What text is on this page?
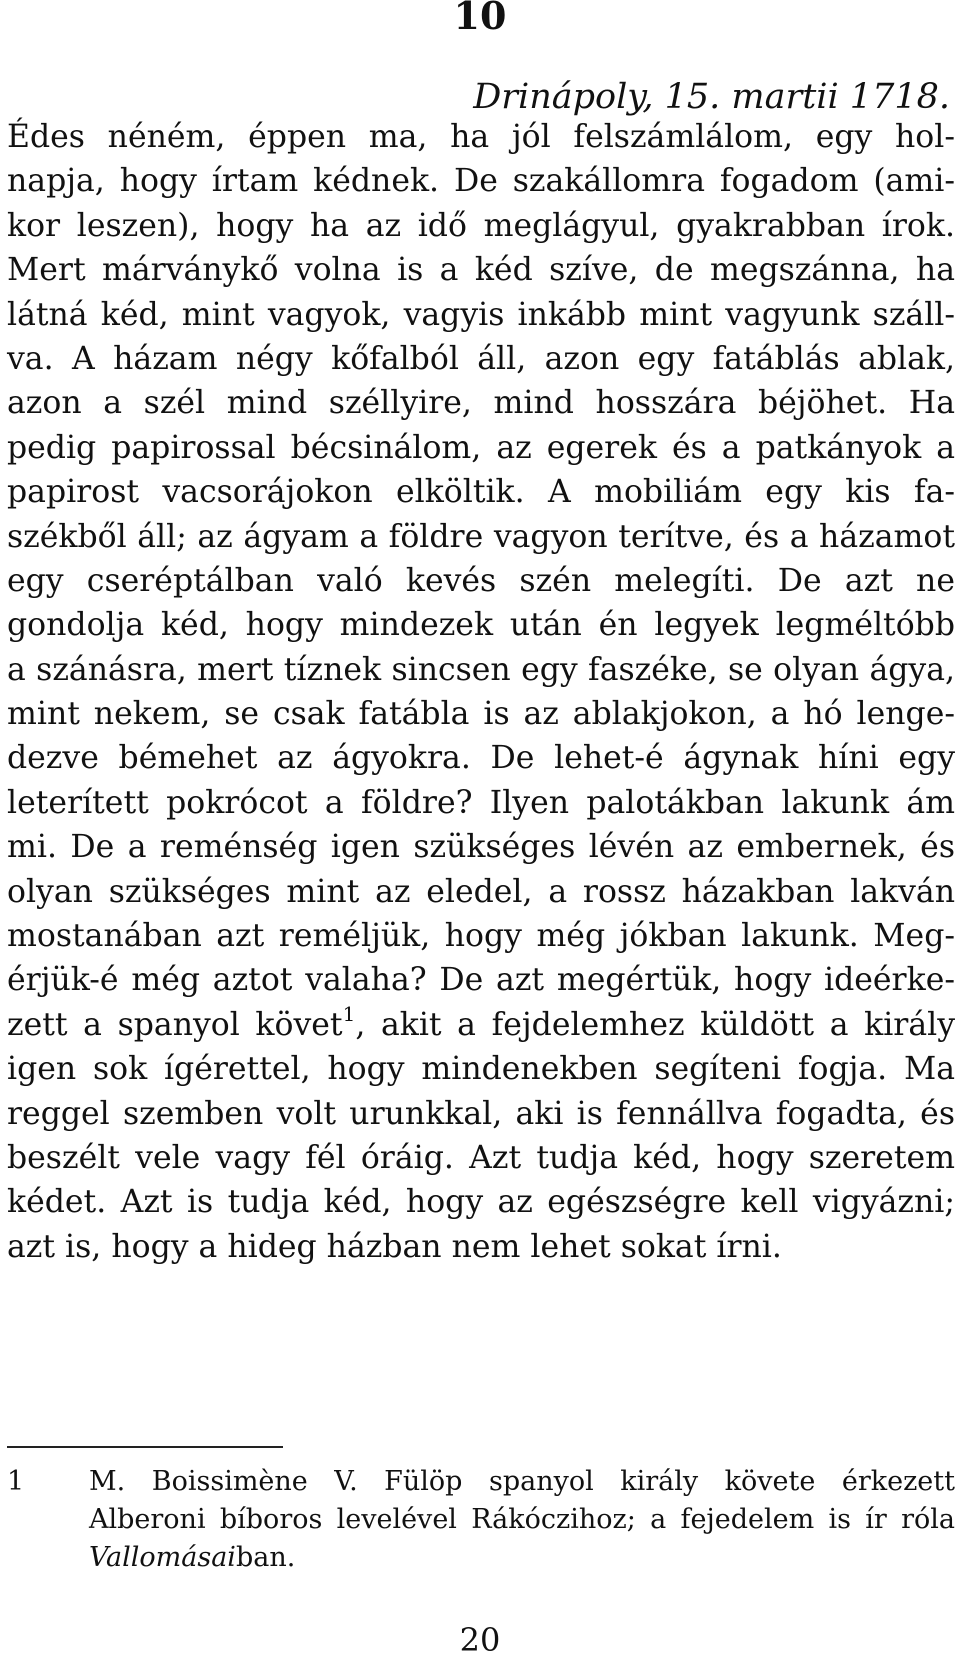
10
Drinápoly, 15. martii 1718.
Édes néném, éppen ma, ha jól felszámlálom, egy hol-
napja, hogy írtam kédnek. De szakállomra fogadom (ami-
kor leszen), hogy ha az idő meglágyul, gyakrabban írok.
Mert márványkő volna is a kéd szíve, de megszánna, ha
látná kéd, mint vagyok, vagyis inkább mint vagyunk száll-
va. A házam négy kőfalból áll, azon egy fatáblás ablak,
azon a szél mind széllyire, mind hosszára béjöhet. Ha
pedig papirossal bécsinálom, az egerek és a patkányok a
papirost vacsorájokon elköltik. A mobiliám egy kis fa-
székből áll; az ágyam a földre vagyon terítve, és a házamot
egy cseréptálban való kevés szén melegíti. De azt ne
gondolja kéd, hogy mindezek után én legyek legméltóbb
a szánásra, mert tíznek sincsen egy faszéke, se olyan ágya,
mint nekem, se csak fatábla is az ablakjokon, a hó lenge-
dezve bémehet az ágyokra. De lehet-é ágynak híni egy
leterített pokrócot a földre? Ilyen palotákban lakunk ám
mi. De a reménség igen szükséges lévén az embernek, és
olyan szükséges mint az eledel, a rossz házakban lakván
mostanában azt reméljük, hogy még jókban lakunk. Meg-
érjük-é még aztot valaha? De azt megértük, hogy ideérke-
zett a spanyol követ$^1$, akit a fejdelemhez küldött a király
igen sok ígérettel, hogy mindenekben segíteni fogja. Ma
reggel szemben volt urunkkal, aki is fennállva fogadta, és
beszélt vele vagy fél óráig. Azt tudja kéd, hogy szeretem
kédet. Azt is tudja kéd, hogy az egészségre kell vigyázni;
azt is, hogy a hideg házban nem lehet sokat írni.
1 M. Boissimène V. Fülöp spanyol király követe érkezett
Alberoni bíboros levelével Rákóczihoz; a fejedelem is ír róla
Vallomásaiban.
20
